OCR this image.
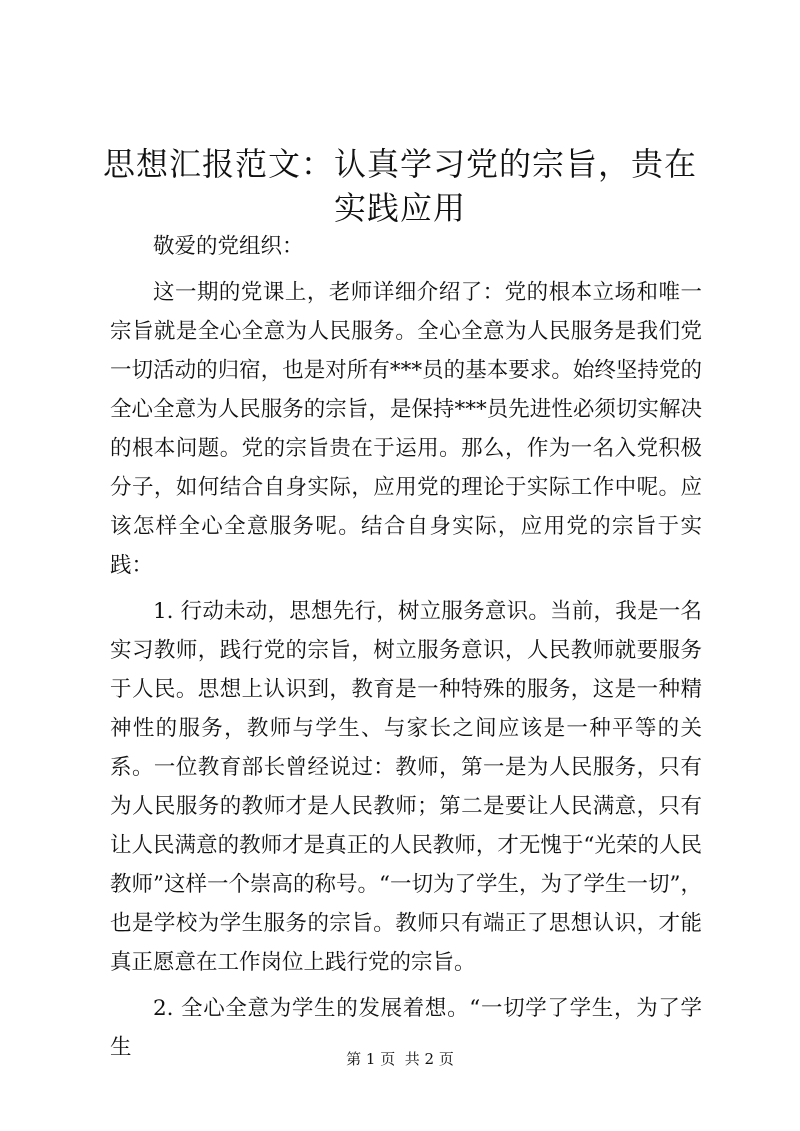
思想汇报范文：认真学习党的宗旨，贵在实践应用

敬爱的党组织：

这一期的党课上，老师详细介绍了：党的根本立场和唯一宗旨就是全心全意为人民服务。全心全意为人民服务是我们党一切活动的归宿，也是对所有***员的基本要求。始终坚持党的全心全意为人民服务的宗旨，是保持***员先进性必须切实解决的根本问题。党的宗旨贵在于运用。那么，作为一名入党积极分子，如何结合自身实际，应用党的理论于实际工作中呢。应该怎样全心全意服务呢。结合自身实际，应用党的宗旨于实践：

1. 行动未动，思想先行，树立服务意识。当前，我是一名实习教师，践行党的宗旨，树立服务意识，人民教师就要服务于人民。思想上认识到，教育是一种特殊的服务，这是一种精神性的服务，教师与学生、与家长之间应该是一种平等的关系。一位教育部长曾经说过：教师，第一是为人民服务，只有为人民服务的教师才是人民教师；第二是要让人民满意，只有让人民满意的教师才是真正的人民教师，才无愧于“光荣的人民教师”这样一个崇高的称号。“一切为了学生，为了学生一切”，也是学校为学生服务的宗旨。教师只有端正了思想认识，才能真正愿意在工作岗位上践行党的宗旨。

2. 全心全意为学生的发展着想。“一切学了学生，为了学生	第 1 页  共 2 页
